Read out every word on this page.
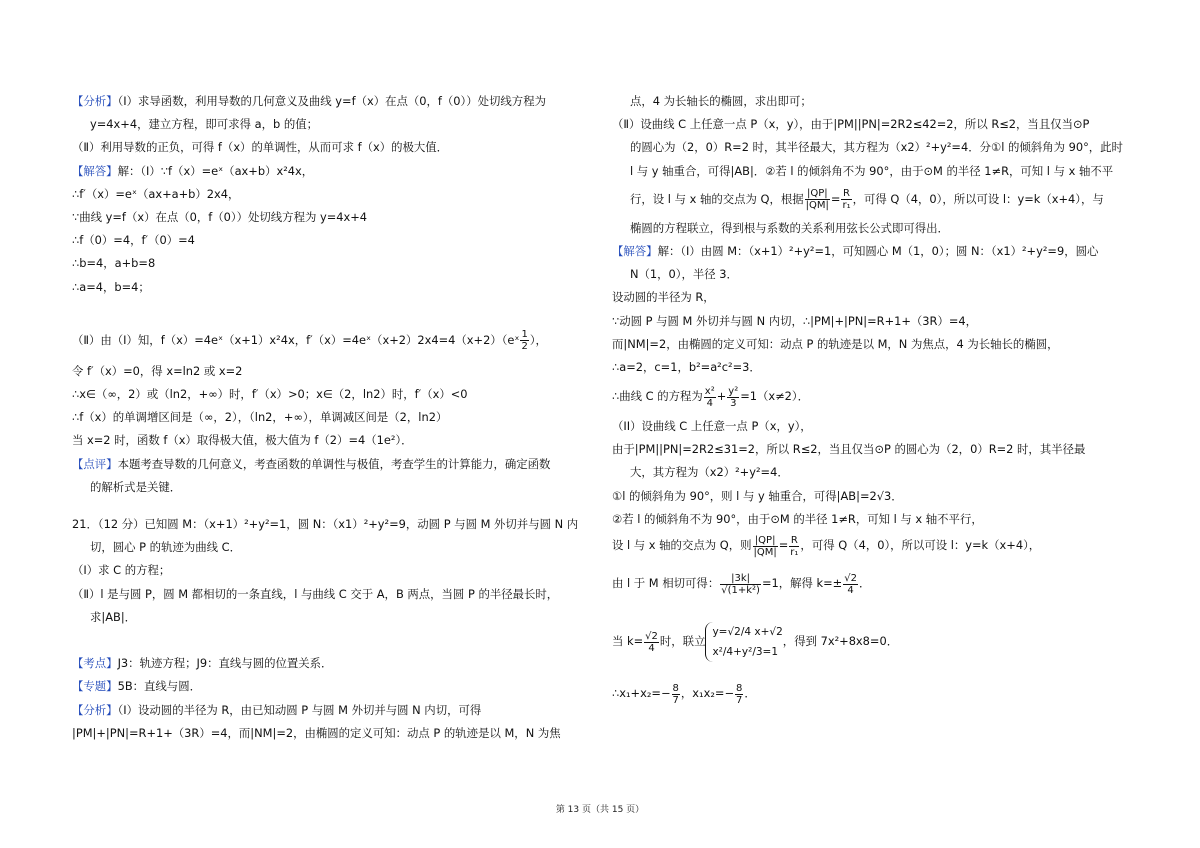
【分析】（Ⅰ）求导函数，利用导数的几何意义及曲线 y=f（x）在点（0，f（0））处切线方程为
y=4x+4，建立方程，即可求得 a，b 的值；
（Ⅱ）利用导数的正负，可得 f（x）的单调性，从而可求 f（x）的极大值．
【解答】解：（Ⅰ）∵f（x）=eˣ（ax+b）x²4x，
∴f′（x）=eˣ（ax+a+b）2x4，
∵曲线 y=f（x）在点（0，f（0））处切线方程为 y=4x+4
∴f（0）=4，f′（0）=4
∴b=4，a+b=8
∴a=4，b=4；
（Ⅱ）由（Ⅰ）知，f（x）=4eˣ（x+1）x²4x，f′（x）=4eˣ（x+2）2x4=4（x+2）（eˣ $\frac{1}{2}$ ），
令 f′（x）=0，得 x=ln2 或 x=2
∴x∈（∞，2）或（ln2，+∞）时，f′（x）>0；x∈（2，ln2）时，f′（x）<0
∴f（x）的单调增区间是（∞，2），（ln2，+∞），单调减区间是（2，ln2）
当 x=2 时，函数 f（x）取得极大值，极大值为 f（2）=4（1e²）．
【点评】本题考查导数的几何意义，考查函数的单调性与极值，考查学生的计算能力，确定函数
的解析式是关键．
21．（12 分）已知圆 M：（x+1）²+y²=1，圆 N：（x1）²+y²=9，动圆 P 与圆 M 外切并与圆 N 内
切，圆心 P 的轨迹为曲线 C．
（Ⅰ）求 C 的方程；
（Ⅱ）l 是与圆 P，圆 M 都相切的一条直线，l 与曲线 C 交于 A，B 两点，当圆 P 的半径最长时，
求|AB|．
【考点】J3：轨迹方程；J9：直线与圆的位置关系．
【专题】5B：直线与圆．
【分析】（Ⅰ）设动圆的半径为 R，由已知动圆 P 与圆 M 外切并与圆 N 内切，可得
|PM|+|PN|=R+1+（3R）=4，而|NM|=2，由椭圆的定义可知：动点 P 的轨迹是以 M，N 为焦
点，4 为长轴长的椭圆，求出即可；
（Ⅱ）设曲线 C 上任意一点 P（x，y），由于|PM||PN|=2R2≤42=2，所以 R≤2，当且仅当⊙P
的圆心为（2，0）R=2 时，其半径最大，其方程为（x2）²+y²=4．分①l 的倾斜角为 90°，此时
l 与 y 轴重合，可得|AB|．②若 l 的倾斜角不为 90°，由于⊙M 的半径 1≠R，可知 l 与 x 轴不平
行，设 l 与 x 轴的交点为 Q，根据 $\frac{|QP|}{|QM|} = \frac{R}{\text{r₁}}$ ，可得 Q（4，0），所以可设 l：y=k（x+4），与
椭圆的方程联立，得到根与系数的关系利用弦长公式即可得出．
【解答】解：（I）由圆 M：（x+1）²+y²=1，可知圆心 M（1，0）；圆 N：（x1）²+y²=9，圆心
N（1，0），半径 3．
设动圆的半径为 R，
∵动圆 P 与圆 M 外切并与圆 N 内切，∴|PM|+|PN|=R+1+（3R）=4，
而|NM|=2，由椭圆的定义可知：动点 P 的轨迹是以 M，N 为焦点，4 为长轴长的椭圆，
∴a=2，c=1，b²=a²c²=3．
∴曲线 C 的方程为 $\frac{\text{x²}}{4} + \frac{\text{y²}}{3} =1(x\ne 2)$．
（II）设曲线 C 上任意一点 P（x，y），
由于|PM||PN|=2R2≤31=2，所以 R≤2，当且仅当⊙P 的圆心为（2，0）R=2 时，其半径最
大，其方程为（x2）²+y²=4．
①l 的倾斜角为 90°，则 l 与 y 轴重合，可得|AB|=2√3．
②若 l 的倾斜角不为 90°，由于⊙M 的半径 1≠R，可知 l 与 x 轴不平行，
设 l 与 x 轴的交点为 Q，则 $\frac{|QP|}{|QM|} = \frac{R}{\text{r₁}}$ ，可得 Q（4，0），所以可设 l：y=k（x+4），
由 l 于 M 相切可得： $\frac{|3k|}{\text{√(1+k²)}} =1$，解得 $k=\pm \frac{√2}{4}$ ．
当 $k= \frac{√2}{4}$ 时，联立
y=√2/4 x+√2
x²/4+y²/3=1
，得到 7x²+8x8=0．
∴x₁+x₂= − $\frac{8}{7}$ ，$x_1x_2= - \frac{8}{7}$ ．
第 13 页（共 15 页）
